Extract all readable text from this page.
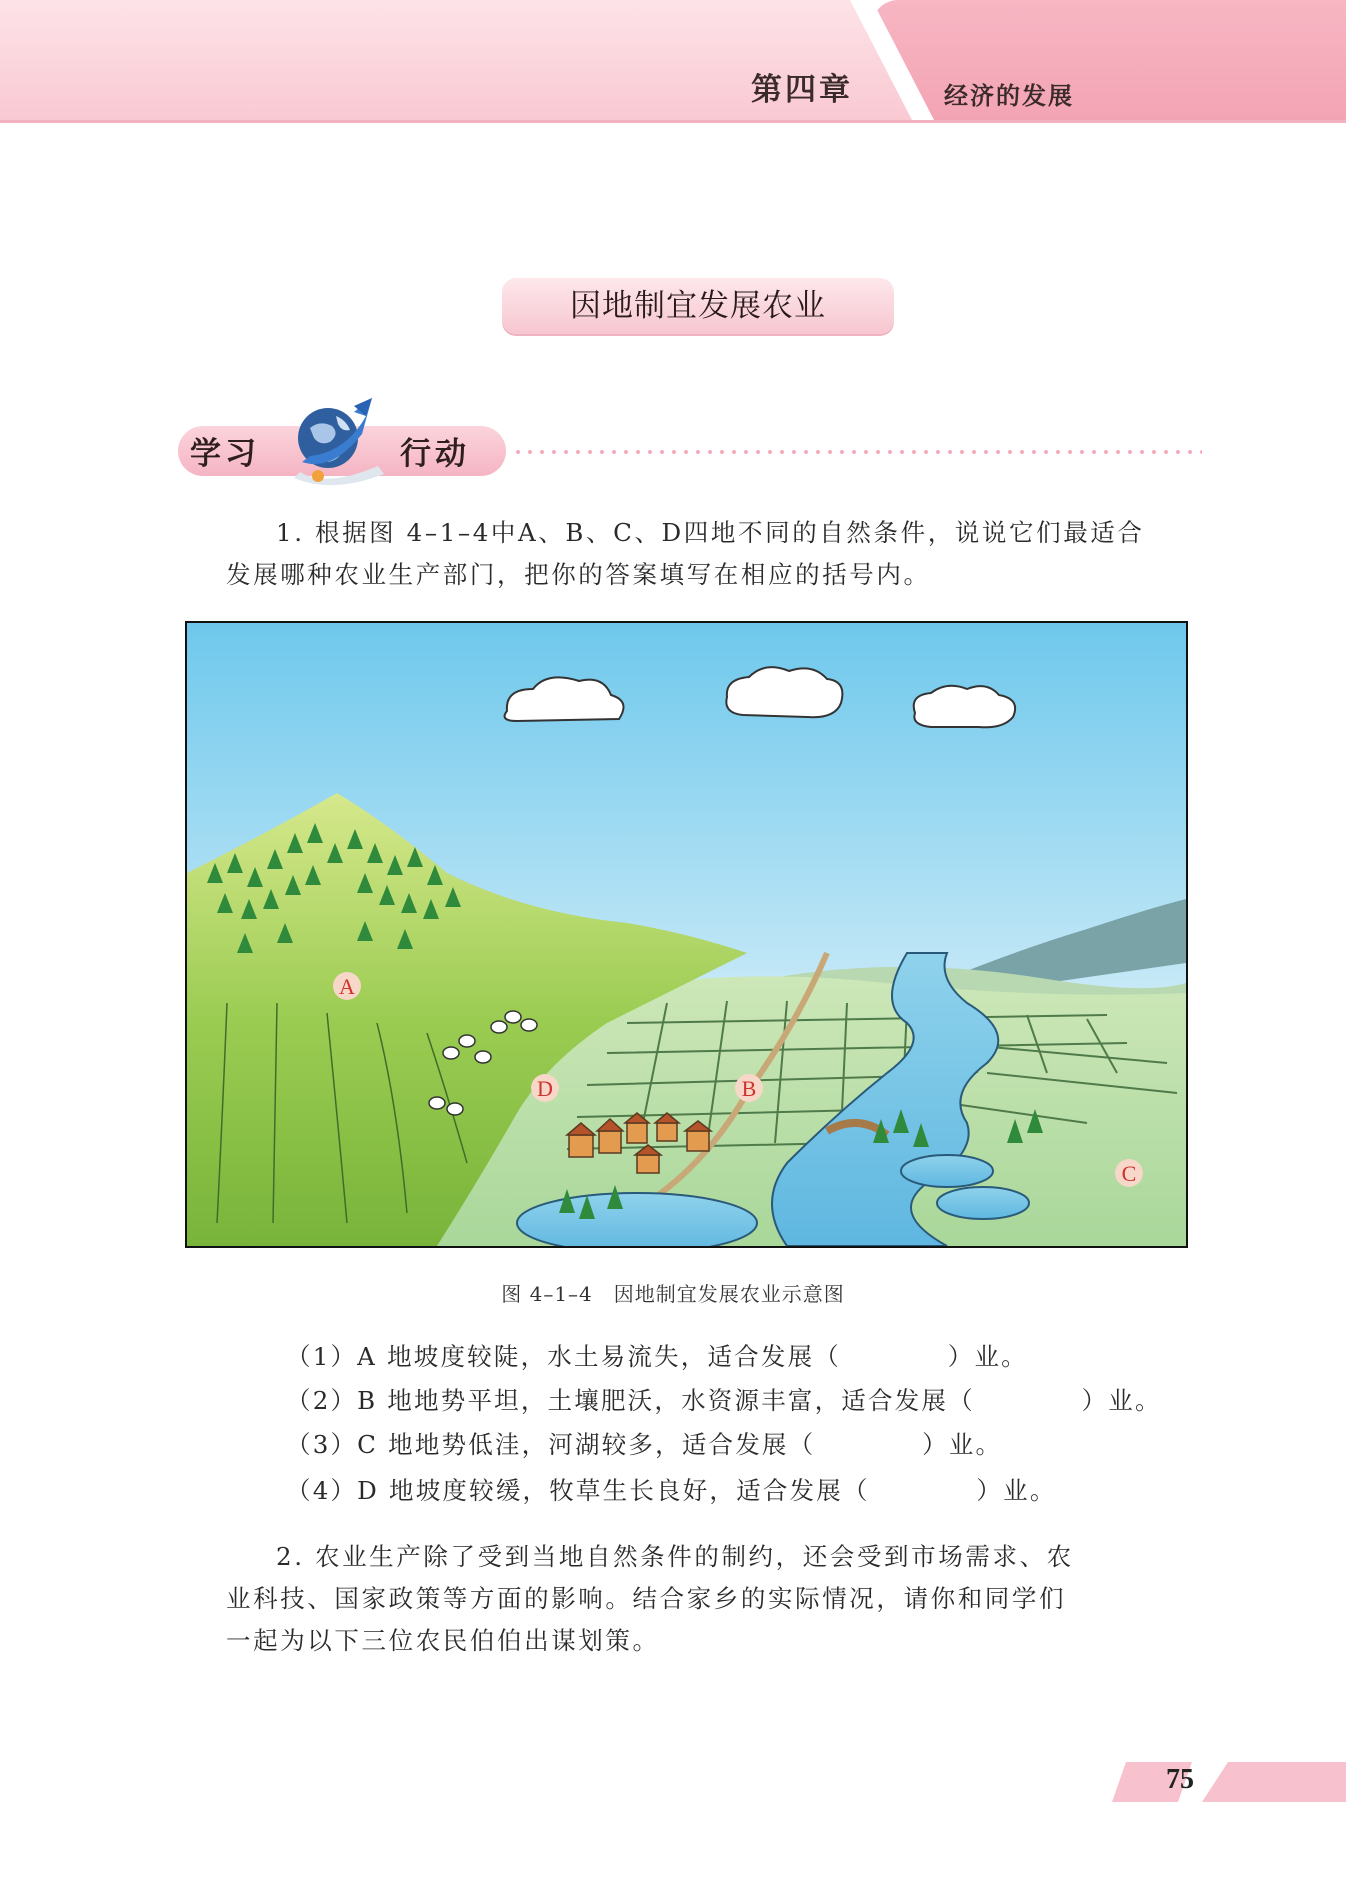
第四章	经济的发展
因地制宜发展农业
学习	行动
1. 根据图 4–1–4中A、B、C、D四地不同的自然条件，说说它们最适合
发展哪种农业生产部门，把你的答案填写在相应的括号内。
A
D	B
C
图 4–1–4　因地制宜发展农业示意图
（1）A 地坡度较陡，水土易流失，适合发展（　　　　）业。
（2）B 地地势平坦，土壤肥沃，水资源丰富，适合发展（　　　　）业。
（3）C 地地势低洼，河湖较多，适合发展（　　　　）业。
（4）D 地坡度较缓，牧草生长良好，适合发展（　　　　）业。
2. 农业生产除了受到当地自然条件的制约，还会受到市场需求、农
业科技、国家政策等方面的影响。结合家乡的实际情况，请你和同学们
一起为以下三位农民伯伯出谋划策。
75
